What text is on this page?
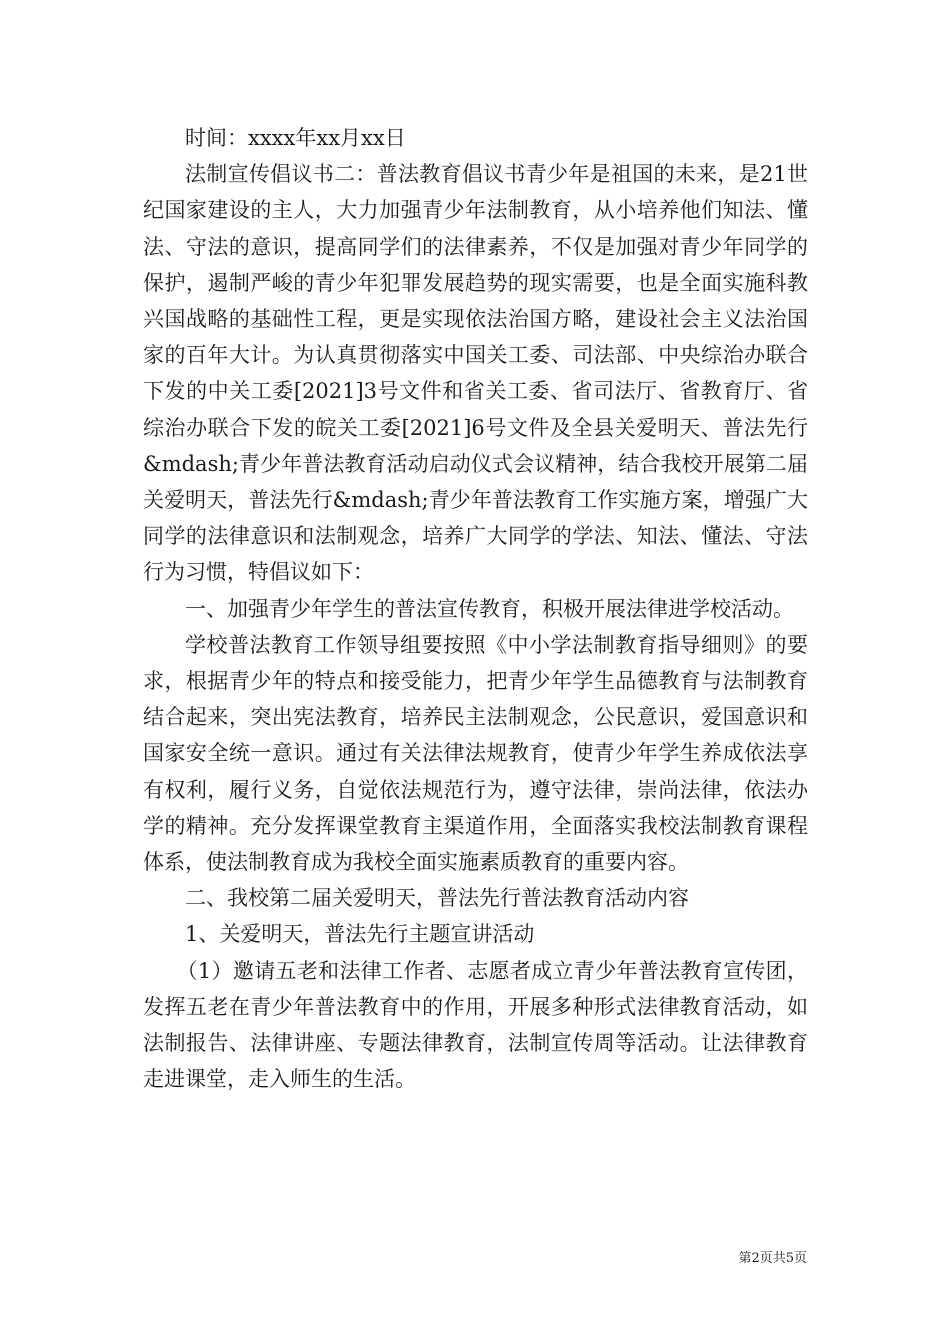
时间：xxxx年xx月xx日

法制宣传倡议书二：普法教育倡议书青少年是祖国的未来，是21世纪国家建设的主人，大力加强青少年法制教育，从小培养他们知法、懂法、守法的意识，提高同学们的法律素养，不仅是加强对青少年同学的保护，遏制严峻的青少年犯罪发展趋势的现实需要，也是全面实施科教兴国战略的基础性工程，更是实现依法治国方略，建设社会主义法治国家的百年大计。为认真贯彻落实中国关工委、司法部、中央综治办联合下发的中关工委[2021]3号文件和省关工委、省司法厅、省教育厅、省综治办联合下发的皖关工委[2021]6号文件及全县关爱明天、普法先行&mdash;青少年普法教育活动启动仪式会议精神，结合我校开展第二届关爱明天，普法先行&mdash;青少年普法教育工作实施方案，增强广大同学的法律意识和法制观念，培养广大同学的学法、知法、懂法、守法行为习惯，特倡议如下：

一、加强青少年学生的普法宣传教育，积极开展法律进学校活动。

学校普法教育工作领导组要按照《中小学法制教育指导细则》的要求，根据青少年的特点和接受能力，把青少年学生品德教育与法制教育结合起来，突出宪法教育，培养民主法制观念，公民意识，爱国意识和国家安全统一意识。通过有关法律法规教育，使青少年学生养成依法享有权利，履行义务，自觉依法规范行为，遵守法律，崇尚法律，依法办学的精神。充分发挥课堂教育主渠道作用，全面落实我校法制教育课程体系，使法制教育成为我校全面实施素质教育的重要内容。

二、我校第二届关爱明天，普法先行普法教育活动内容

1、关爱明天，普法先行主题宣讲活动

（1）邀请五老和法律工作者、志愿者成立青少年普法教育宣传团，发挥五老在青少年普法教育中的作用，开展多种形式法律教育活动，如法制报告、法律讲座、专题法律教育，法制宣传周等活动。让法律教育走进课堂，走入师生的生活。

第2页共5页
